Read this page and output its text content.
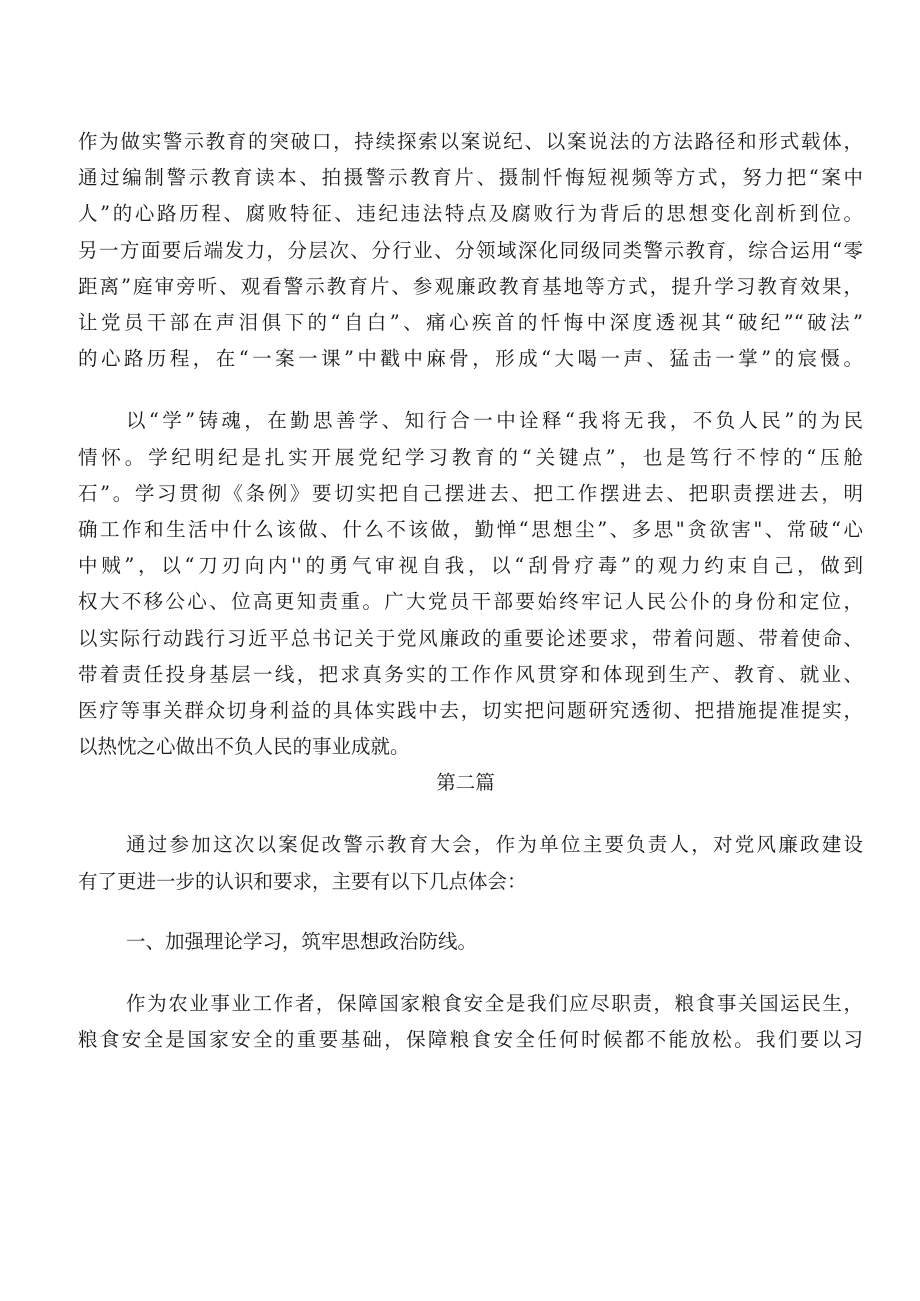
作为做实警示教育的突破口，持续探索以案说纪、以案说法的方法路径和形式载体，
通过编制警示教育读本、拍摄警示教育片、摄制忏悔短视频等方式，努力把“案中
人”的心路历程、腐败特征、违纪违法特点及腐败行为背后的思想变化剖析到位。
另一方面要后端发力，分层次、分行业、分领域深化同级同类警示教育，综合运用“零
距离”庭审旁听、观看警示教育片、参观廉政教育基地等方式，提升学习教育效果，
让党员干部在声泪俱下的“自白”、痛心疾首的忏悔中深度透视其“破纪”“破法”
的心路历程，在“一案一课”中戳中麻骨，形成“大喝一声、猛击一掌”的宸慑。
以“学”铸魂，在勤思善学、知行合一中诠释“我将无我，不负人民”的为民
情怀。学纪明纪是扎实开展党纪学习教育的“关键点”，也是笃行不悖的“压舱
石”。学习贯彻《条例》要切实把自己摆进去、把工作摆进去、把职责摆进去，明
确工作和生活中什么该做、什么不该做，勤惮“思想尘”、多思"贪欲害"、常破“心
中贼”，以“刀刃向内''的勇气审视自我，以“刮骨疗毒”的观力约束自己，做到
权大不移公心、位高更知责重。广大党员干部要始终牢记人民公仆的身份和定位，
以实际行动践行习近平总书记关于党风廉政的重要论述要求，带着问题、带着使命、
带着责任投身基层一线，把求真务实的工作作风贯穿和体现到生产、教育、就业、
医疗等事关群众切身利益的具体实践中去，切实把问题研究透彻、把措施提准提实，
以热忱之心做出不负人民的事业成就。
第二篇
通过参加这次以案促改警示教育大会，作为单位主要负责人，对党风廉政建设
有了更进一步的认识和要求，主要有以下几点体会：
一、加强理论学习，筑牢思想政治防线。
作为农业事业工作者，保障国家粮食安全是我们应尽职责，粮食事关国运民生，
粮食安全是国家安全的重要基础，保障粮食安全任何时候都不能放松。我们要以习
